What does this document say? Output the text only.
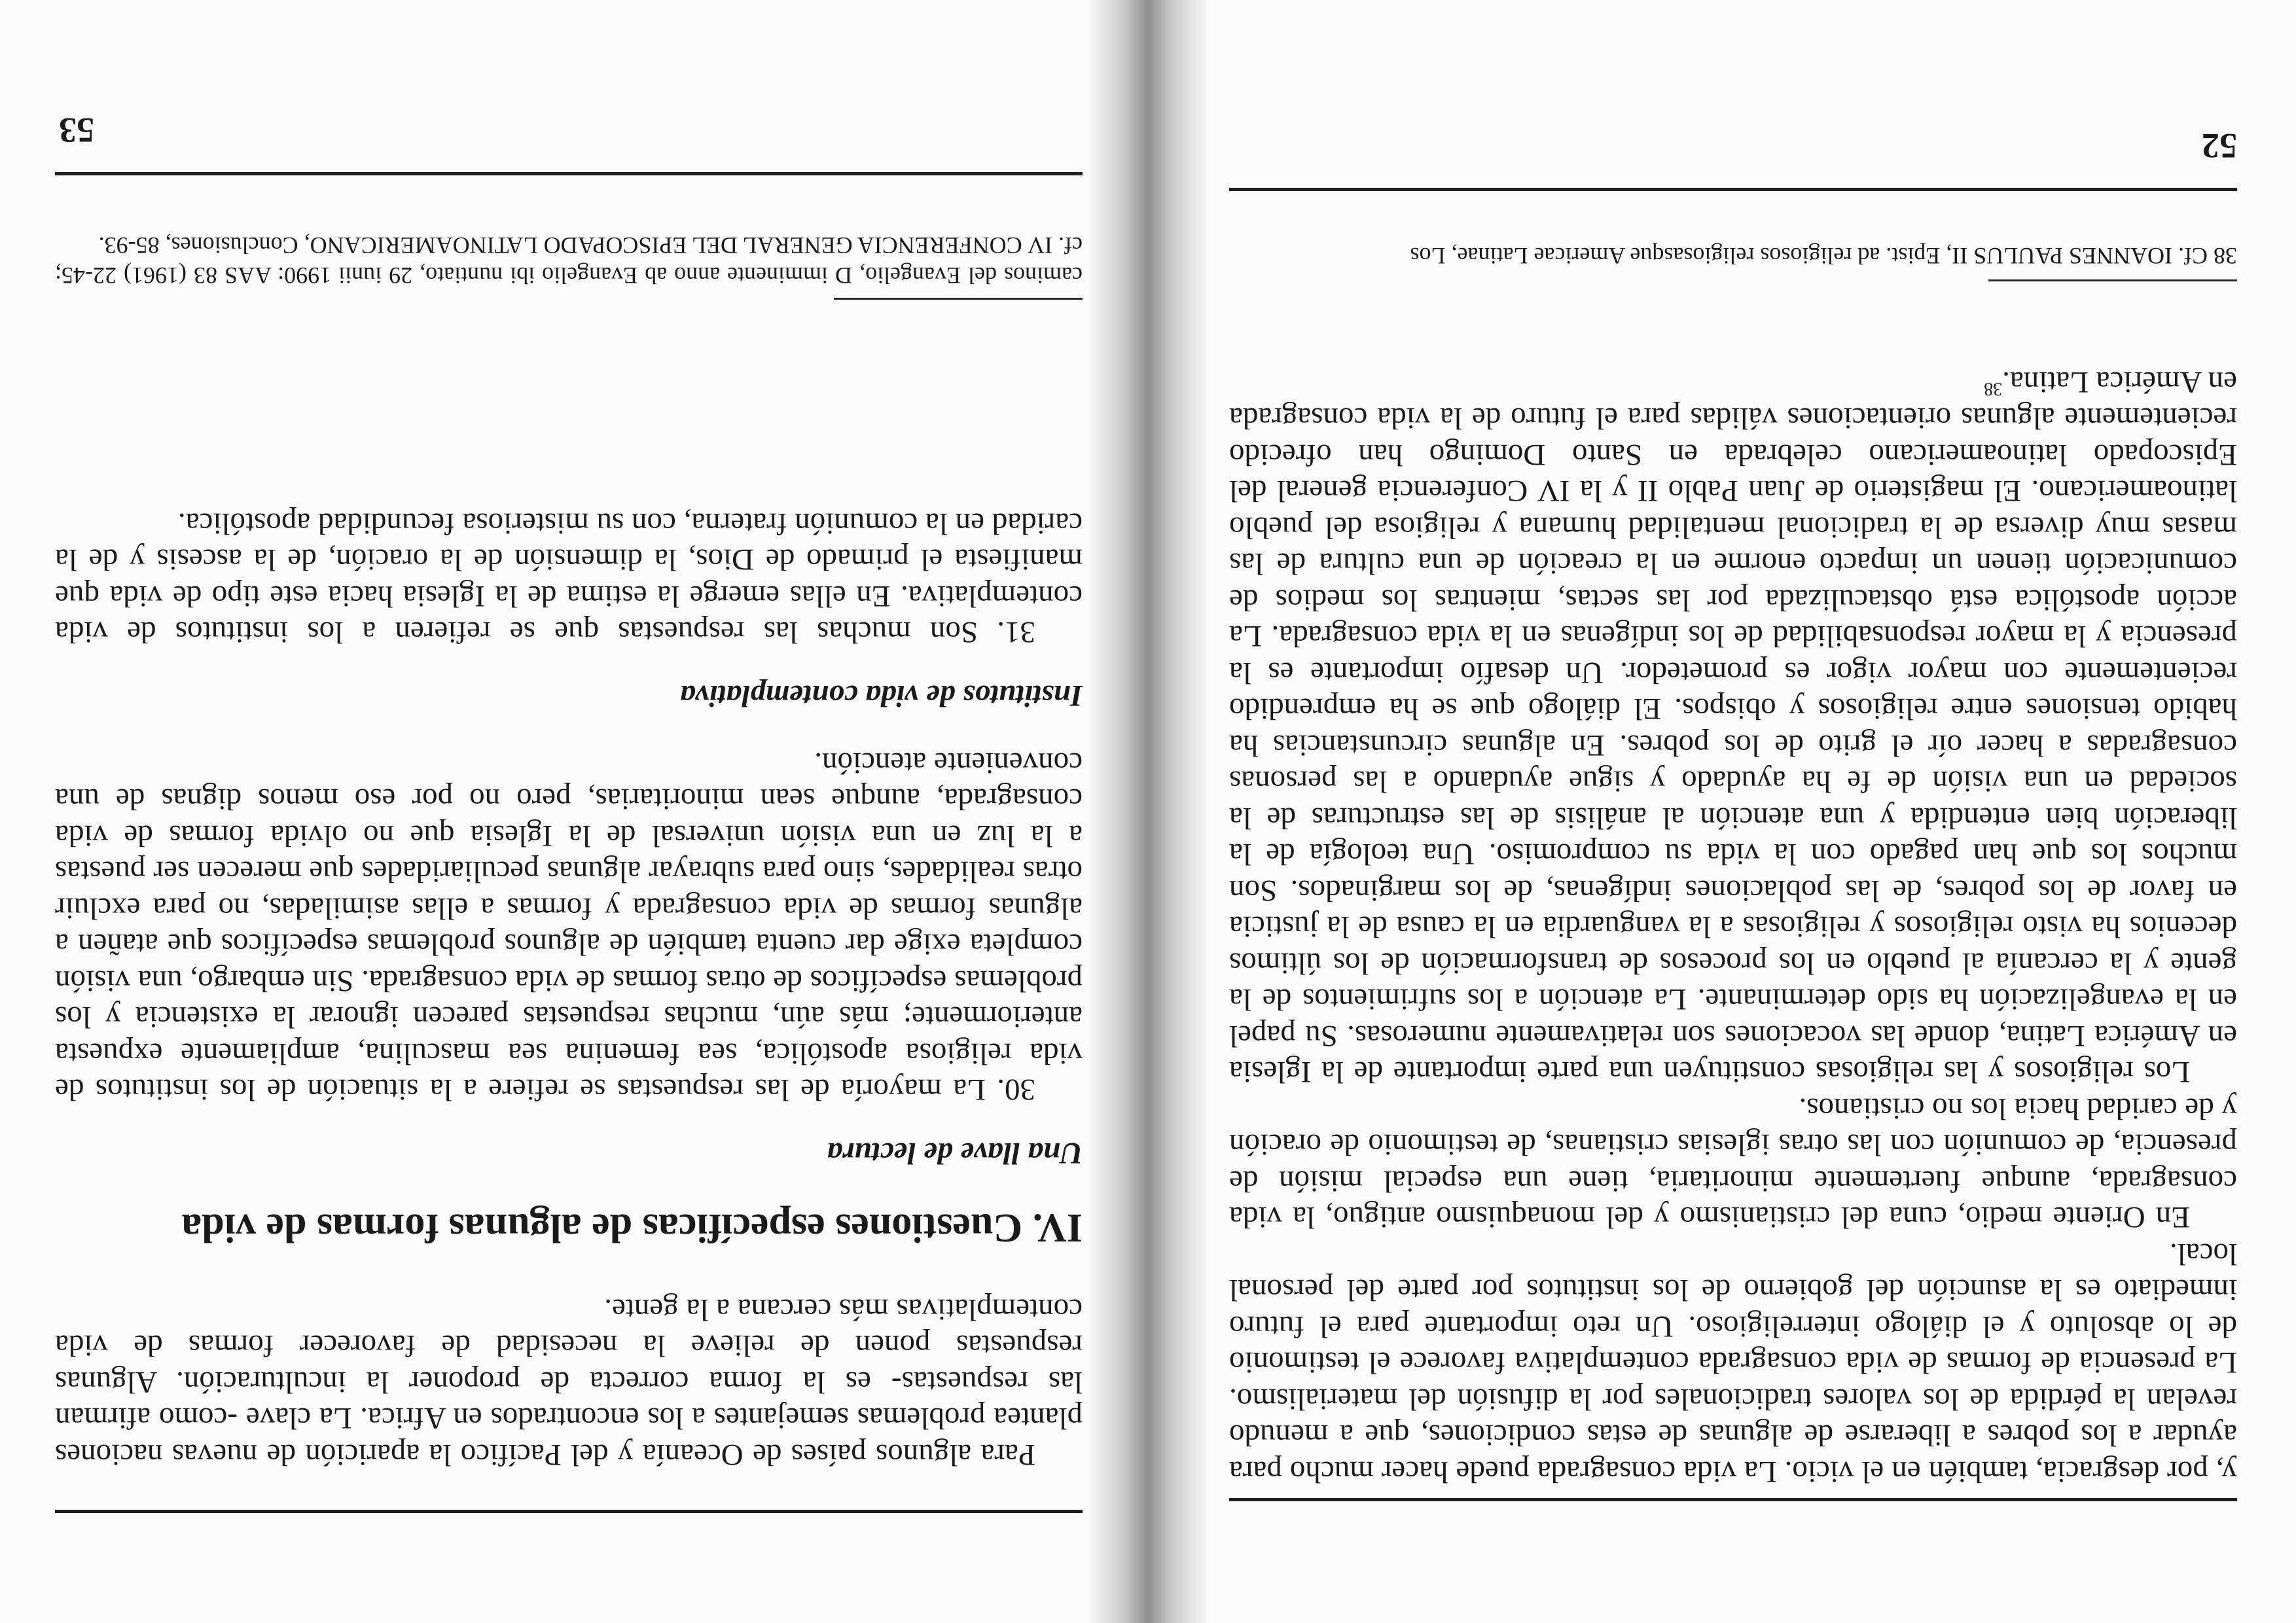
y, por desgracia, también en el vicio. La vida consagrada puede hacer mucho para ayudar a los pobres a liberarse de algunas de estas condiciones, que a menudo revelan la pérdida de los valores tradicionales por la difusión del materialismo. La presencia de formas de vida consagrada contemplativa favorece el testimonio de lo absoluto y el diálogo interreligioso. Un reto importante para el futuro inmediato es la asunción del gobierno de los institutos por parte del personal local.

En Oriente medio, cuna del cristianismo y del monaquismo antiguo, la vida consagrada, aunque fuertemente minoritaria, tiene una especial misión de presencia, de comunión con las otras iglesias cristianas, de testimonio de oración y de caridad hacia los no cristianos.

Los religiosos y las religiosas constituyen una parte importante de la Iglesia en América Latina, donde las vocaciones son relativamente numerosas. Su papel en la evangelización ha sido determinante. La atención a los sufrimientos de la gente y la cercanía al pueblo en los procesos de transformación de los últimos decenios ha visto religiosos y religiosas a la vanguardia en la causa de la justicia en favor de los pobres, de las poblaciones indígenas, de los marginados. Son muchos los que han pagado con la vida su compromiso. Una teología de la liberación bien entendida y una atención al análisis de las estructuras de la sociedad en una visión de fe ha ayudado y sigue ayudando a las personas consagradas a hacer oír el grito de los pobres. En algunas circunstancias ha habido tensiones entre religiosos y obispos. El diálogo que se ha emprendido recientemente con mayor vigor es prometedor. Un desafío importante es la presencia y la mayor responsabilidad de los indígenas en la vida consagrada. La acción apostólica está obstaculizada por las sectas, mientras los medios de comunicación tienen un impacto enorme en la creación de una cultura de las masas muy diversa de la tradicional mentalidad humana y religiosa del pueblo latinoamericano. El magisterio de Juan Pablo II y la IV Conferencia general del Episcopado latinoamericano celebrada en Santo Domingo han ofrecido recientemente algunas orientaciones válidas para el futuro de la vida consagrada en América Latina.$^{38}$

38 Cf. IOANNES PAULUS II, Epist. ad religiosos religiosasque Americae Latinae, Los

52

Para algunos países de Oceanía y del Pacífico la aparición de nuevas naciones plantea problemas semejantes a los encontrados en Africa. La clave -como afirman las respuestas- es la forma correcta de proponer la inculturación. Algunas respuestas ponen de relieve la necesidad de favorecer formas de vida contemplativas más cercana a la gente.

IV. Cuestiones específicas de algunas formas de vida
Una llave de lectura

30. La mayoría de las respuestas se refiere a la situación de los institutos de vida religiosa apostólica, sea femenina sea masculina, ampliamente expuesta anteriormente; más aún, muchas respuestas parecen ignorar la existencia y los problemas específicos de otras formas de vida consagrada. Sin embargo, una visión completa exige dar cuenta también de algunos problemas específicos que atañen a algunas formas de vida consagrada y formas a ellas asimiladas, no para excluir otras realidades, sino para subrayar algunas peculiaridades que merecen ser puestas a la luz en una visión universal de la Iglesia que no olvida formas de vida consagrada, aunque sean minoritarias, pero no por eso menos dignas de una conveniente atención.

Institutos de vida contemplativa

31. Son muchas las respuestas que se refieren a los institutos de vida contemplativa. En ellas emerge la estima de la Iglesia hacia este tipo de vida que manifiesta el primado de Dios, la dimensión de la oración, de la ascesis y de la caridad en la comunión fraterna, con su misteriosa fecundidad apostólica.

caminos del Evangelio, D imminente anno ab Evangelio ibi nuntiato, 29 iunii 1990: AAS 83 (1961) 22-45; cf. IV CONFERENCIA GENERAL DEL EPISCOPADO LATINOAMERICANO, Conclusiones, 85-93.

53
